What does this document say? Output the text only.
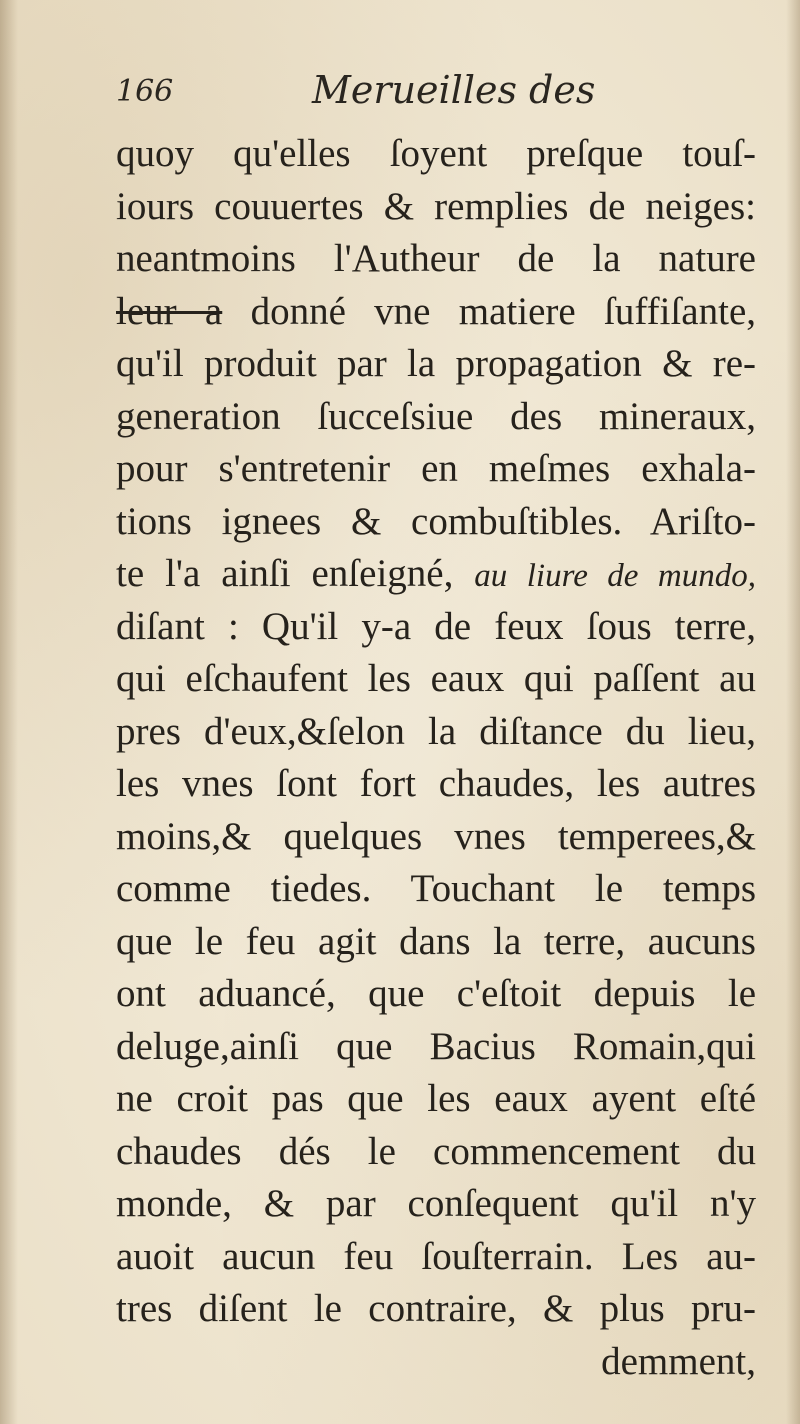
166	Merueilles des
quoy qu'elles ſoyent preſque touſ-
iours couuertes & remplies de neiges:
neantmoins l'Autheur de la nature
leur a donné vne matiere ſuffiſante,
qu'il produit par la propagation & re-
generation ſucceſsiue des mineraux,
pour s'entretenir en meſmes exhala-
tions ignees & combuſtibles. Ariſto-
te l'a ainſi enſeigné, au liure de mundo,
diſant : Qu'il y-a de feux ſous terre,
qui eſchaufent les eaux qui paſſent au
pres d'eux,&ſelon la diſtance du lieu,
les vnes ſont fort chaudes, les autres
moins,& quelques vnes temperees,&
comme tiedes. Touchant le temps
que le feu agit dans la terre, aucuns
ont aduancé, que c'eſtoit depuis le
deluge,ainſi que Bacius Romain,qui
ne croit pas que les eaux ayent eſté
chaudes dés le commencement du
monde, & par conſequent qu'il n'y
auoit aucun feu ſouſterrain. Les au-
tres diſent le contraire, & plus pru-
demment,
